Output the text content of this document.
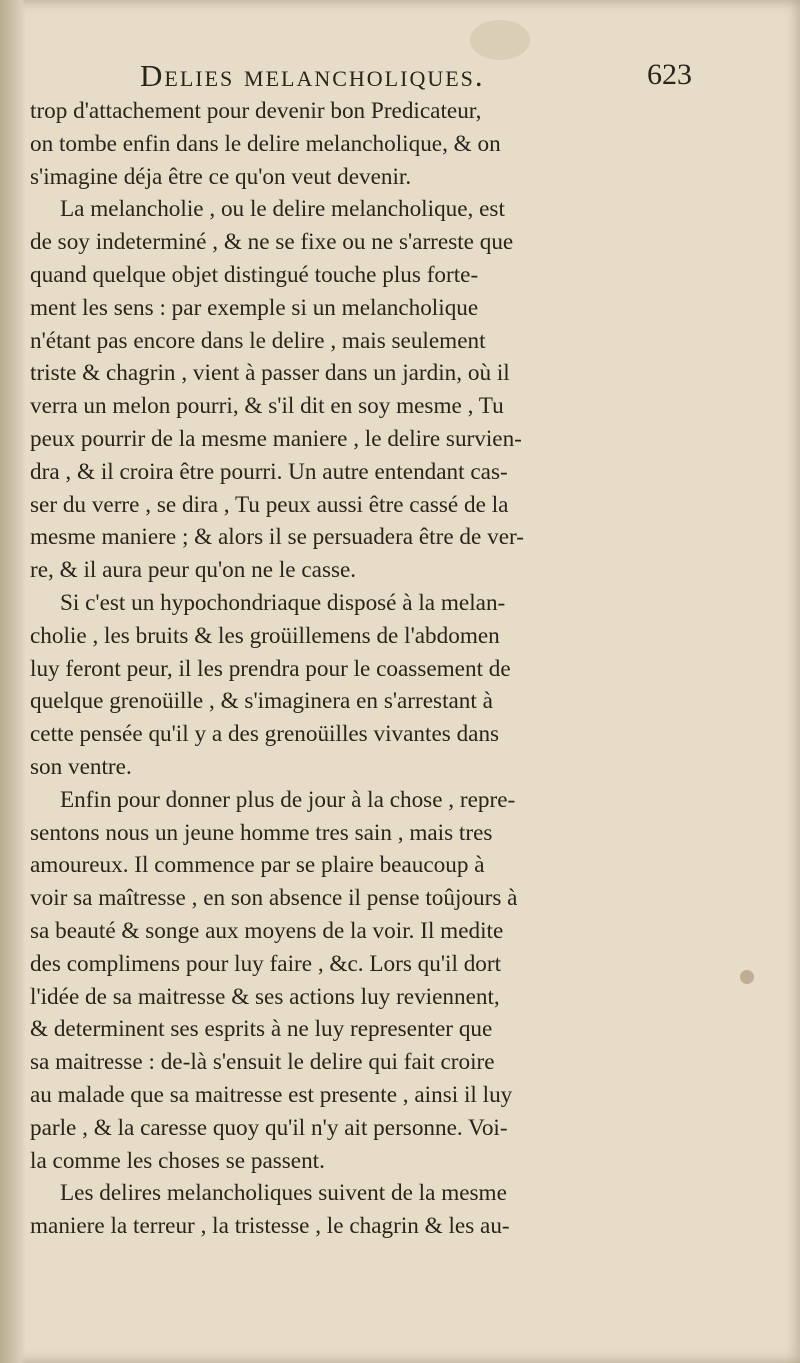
Delies melancholiques.	623
trop d'attachement pour devenir bon Predicateur,
on tombe enfin dans le delire melancholique, & on
s'imagine déja être ce qu'on veut devenir.
La melancholie , ou le delire melancholique, est
de soy indeterminé , & ne se fixe ou ne s'arreste que
quand quelque objet distingué touche plus forte-
ment les sens : par exemple si un melancholique
n'étant pas encore dans le delire , mais seulement
triste & chagrin , vient à passer dans un jardin, où il
verra un melon pourri, & s'il dit en soy mesme , Tu
peux pourrir de la mesme maniere , le delire survien-
dra , & il croira être pourri. Un autre entendant cas-
ser du verre , se dira , Tu peux aussi être cassé de la
mesme maniere ; & alors il se persuadera être de ver-
re, & il aura peur qu'on ne le casse.
Si c'est un hypochondriaque disposé à la melan-
cholie , les bruits & les groüillemens de l'abdomen
luy feront peur, il les prendra pour le coassement de
quelque grenoüille , & s'imaginera en s'arrestant à
cette pensée qu'il y a des grenoüilles vivantes dans
son ventre.
Enfin pour donner plus de jour à la chose , repre-
sentons nous un jeune homme tres sain , mais tres
amoureux. Il commence par se plaire beaucoup à
voir sa maîtresse , en son absence il pense toûjours à
sa beauté & songe aux moyens de la voir. Il medite
des complimens pour luy faire , &c. Lors qu'il dort
l'idée de sa maitresse & ses actions luy reviennent,
& determinent ses esprits à ne luy representer que
sa maitresse : de-là s'ensuit le delire qui fait croire
au malade que sa maitresse est presente , ainsi il luy
parle , & la caresse quoy qu'il n'y ait personne. Voi-
la comme les choses se passent.
Les delires melancholiques suivent de la mesme
maniere la terreur , la tristesse , le chagrin & les au-
